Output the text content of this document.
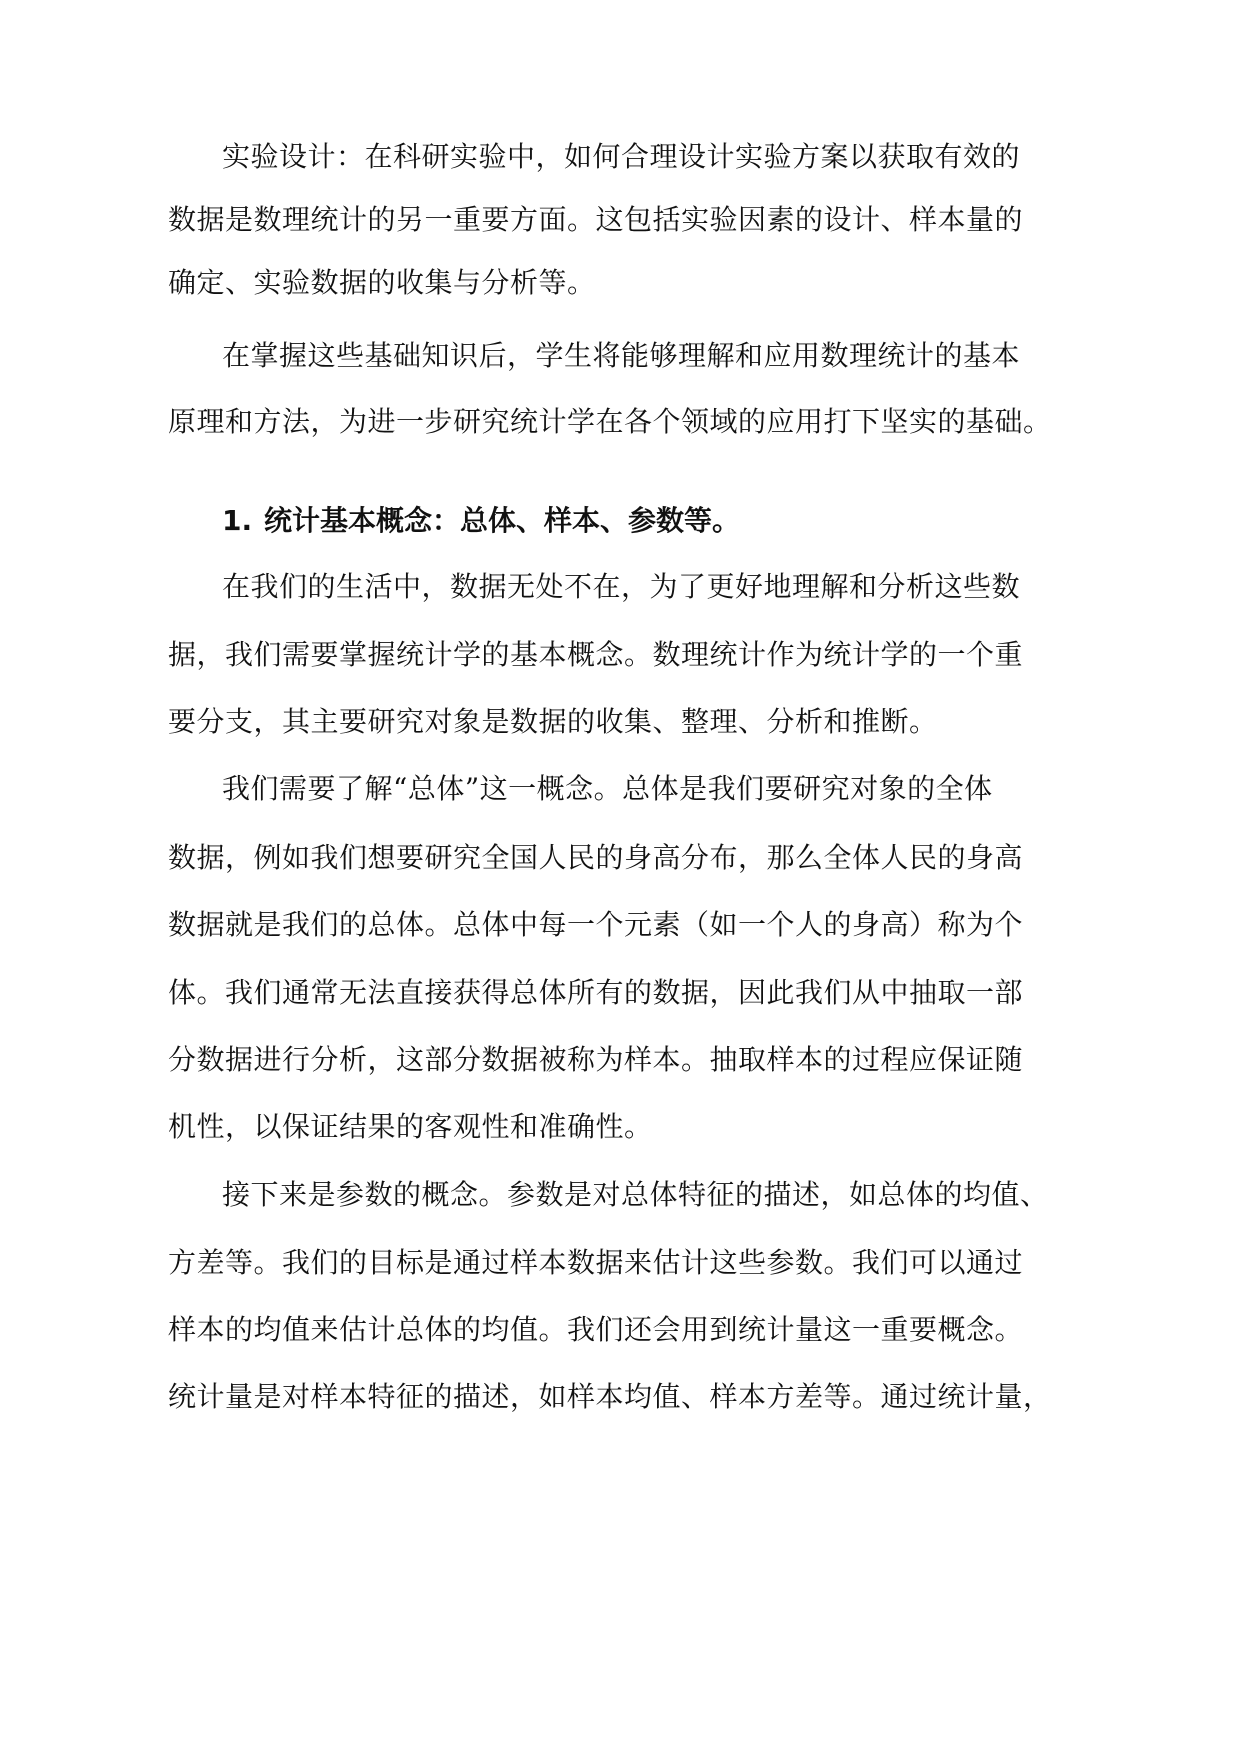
实验设计：在科研实验中，如何合理设计实验方案以获取有效的
数据是数理统计的另一重要方面。这包括实验因素的设计、样本量的
确定、实验数据的收集与分析等。
在掌握这些基础知识后，学生将能够理解和应用数理统计的基本
原理和方法，为进一步研究统计学在各个领域的应用打下坚实的基础。
1. 统计基本概念：总体、样本、参数等。
在我们的生活中，数据无处不在，为了更好地理解和分析这些数
据，我们需要掌握统计学的基本概念。数理统计作为统计学的一个重
要分支，其主要研究对象是数据的收集、整理、分析和推断。
我们需要了解“总体”这一概念。总体是我们要研究对象的全体
数据，例如我们想要研究全国人民的身高分布，那么全体人民的身高
数据就是我们的总体。总体中每一个元素（如一个人的身高）称为个
体。我们通常无法直接获得总体所有的数据，因此我们从中抽取一部
分数据进行分析，这部分数据被称为样本。抽取样本的过程应保证随
机性，以保证结果的客观性和准确性。
接下来是参数的概念。参数是对总体特征的描述，如总体的均值、
方差等。我们的目标是通过样本数据来估计这些参数。我们可以通过
样本的均值来估计总体的均值。我们还会用到统计量这一重要概念。
统计量是对样本特征的描述，如样本均值、样本方差等。通过统计量，
